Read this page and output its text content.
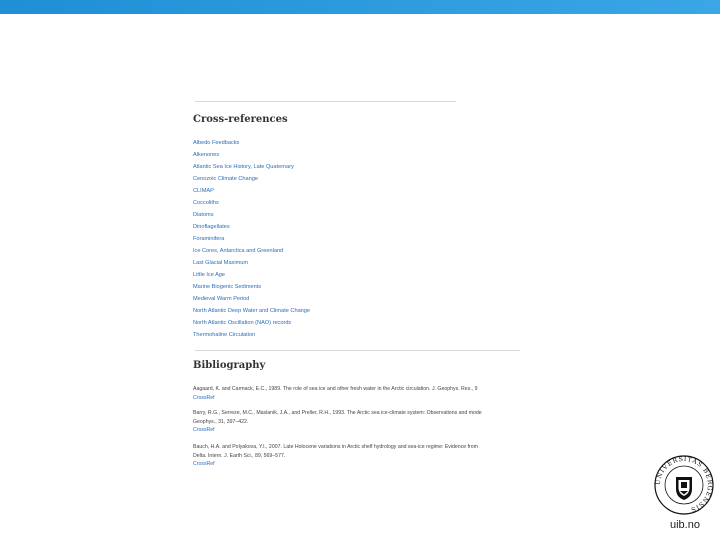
Cross-references
Albedo Feedbacks
Alkenones
Atlantic Sea Ice History, Late Quaternary
Cenozoic Climate Change
CLIMAP
Coccoliths
Diatoms
Dinoflagellates
Foraminifera
Ice Cores, Antarctica and Greenland
Last Glacial Maximum
Little Ice Age
Marine Biogenic Sediments
Medieval Warm Period
North Atlantic Deep Water and Climate Change
North Atlantic Oscillation (NAO) records
Thermohaline Circulation
Bibliography
Aagaard, K. and Carmack, E.C., 1989. The role of sea ice and other fresh water in the Arctic circulation. J. Geophys. Res., 9
CrossRef
Barry, R.G., Serreze, M.C., Maslanik, J.A., and Preller, R.H., 1993. The Arctic sea ice-climate system: Observations and mode
Geophys., 31, 397–422.
CrossRef
Bauch, H.A. and Polyakova, Y.I., 2007. Late Holocene variations in Arctic shelf hydrology and sea-ice regime: Evidence from
Delta. Intern. J. Earth Sci., 89, 569–577.
CrossRef
UNIVERSITAS BERGENSIS
uib.no
